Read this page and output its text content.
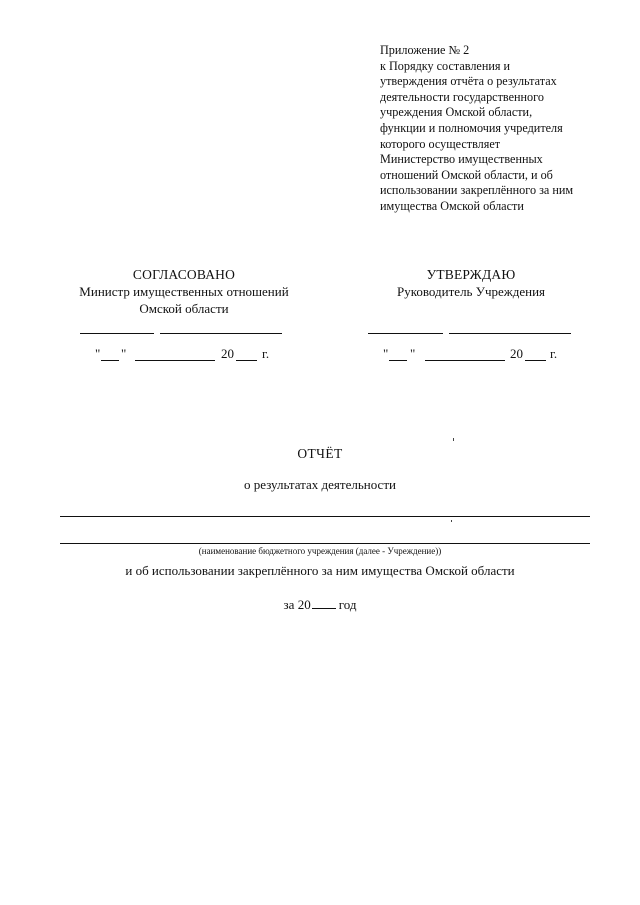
Приложение № 2
к Порядку составления и
утверждения отчёта о результатах
деятельности государственного
учреждения Омской области,
функции и полномочия учредителя
которого осуществляет
Министерство имущественных
отношений Омской области, и об
использовании закреплённого за ним
имущества Омской области
СОГЛАСОВАНО
Министр имущественных отношений
Омской области
" "	20 г.
УТВЕРЖДАЮ
Руководитель Учреждения
" "	20 г.
ОТЧЁТ
о результатах деятельности
(наименование бюджетного учреждения (далее - Учреждение))
и об использовании закреплённого за ним имущества Омской области
за 20 год
